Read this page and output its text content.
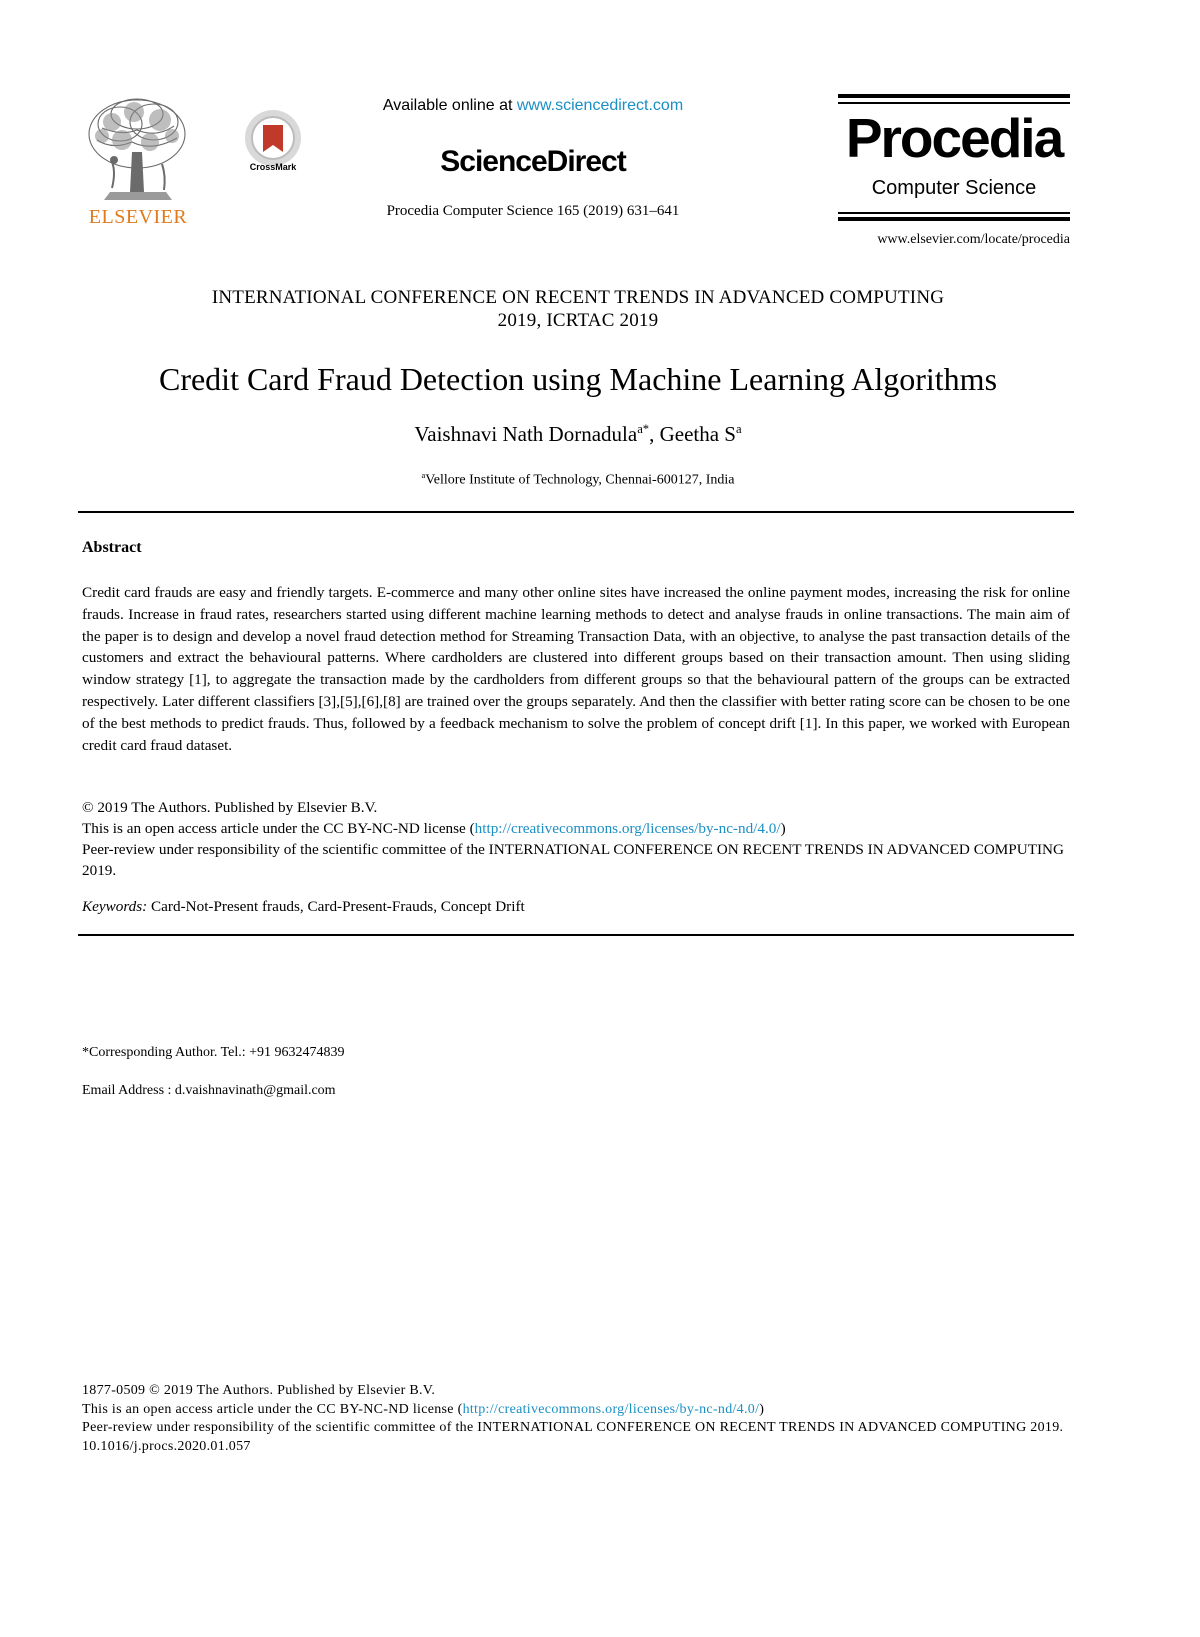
ELSEVIER
CrossMark
Available online at www.sciencedirect.com
ScienceDirect
Procedia Computer Science 165 (2019) 631–641
Procedia
Computer Science
www.elsevier.com/locate/procedia
INTERNATIONAL CONFERENCE ON RECENT TRENDS IN ADVANCED COMPUTING
2019, ICRTAC 2019
Credit Card Fraud Detection using Machine Learning Algorithms
Vaishnavi Nath Dornadula$^{a*}$, Geetha $S^a$
$^a$Vellore Institute of Technology, Chennai-600127, India
Abstract
Credit card frauds are easy and friendly targets. E-commerce and many other online sites have increased the online payment modes, increasing the risk for online frauds. Increase in fraud rates, researchers started using different machine learning methods to detect and analyse frauds in online transactions. The main aim of the paper is to design and develop a novel fraud detection method for Streaming Transaction Data, with an objective, to analyse the past transaction details of the customers and extract the behavioural patterns. Where cardholders are clustered into different groups based on their transaction amount. Then using sliding window strategy [1], to aggregate the transaction made by the cardholders from different groups so that the behavioural pattern of the groups can be extracted respectively. Later different classifiers [3],[5],[6],[8] are trained over the groups separately. And then the classifier with better rating score can be chosen to be one of the best methods to predict frauds. Thus, followed by a feedback mechanism to solve the problem of concept drift [1]. In this paper, we worked with European credit card fraud dataset.
© 2019 The Authors. Published by Elsevier B.V.
This is an open access article under the CC BY-NC-ND license (http://creativecommons.org/licenses/by-nc-nd/4.0/)
Peer-review under responsibility of the scientific committee of the INTERNATIONAL CONFERENCE ON RECENT TRENDS IN ADVANCED COMPUTING 2019.
Keywords: Card-Not-Present frauds, Card-Present-Frauds, Concept Drift
*Corresponding Author. Tel.: +91 9632474839
Email Address : d.vaishnavinath@gmail.com
1877-0509 © 2019 The Authors. Published by Elsevier B.V.
This is an open access article under the CC BY-NC-ND license (http://creativecommons.org/licenses/by-nc-nd/4.0/)
Peer-review under responsibility of the scientific committee of the INTERNATIONAL CONFERENCE ON RECENT TRENDS IN ADVANCED COMPUTING 2019.
10.1016/j.procs.2020.01.057
